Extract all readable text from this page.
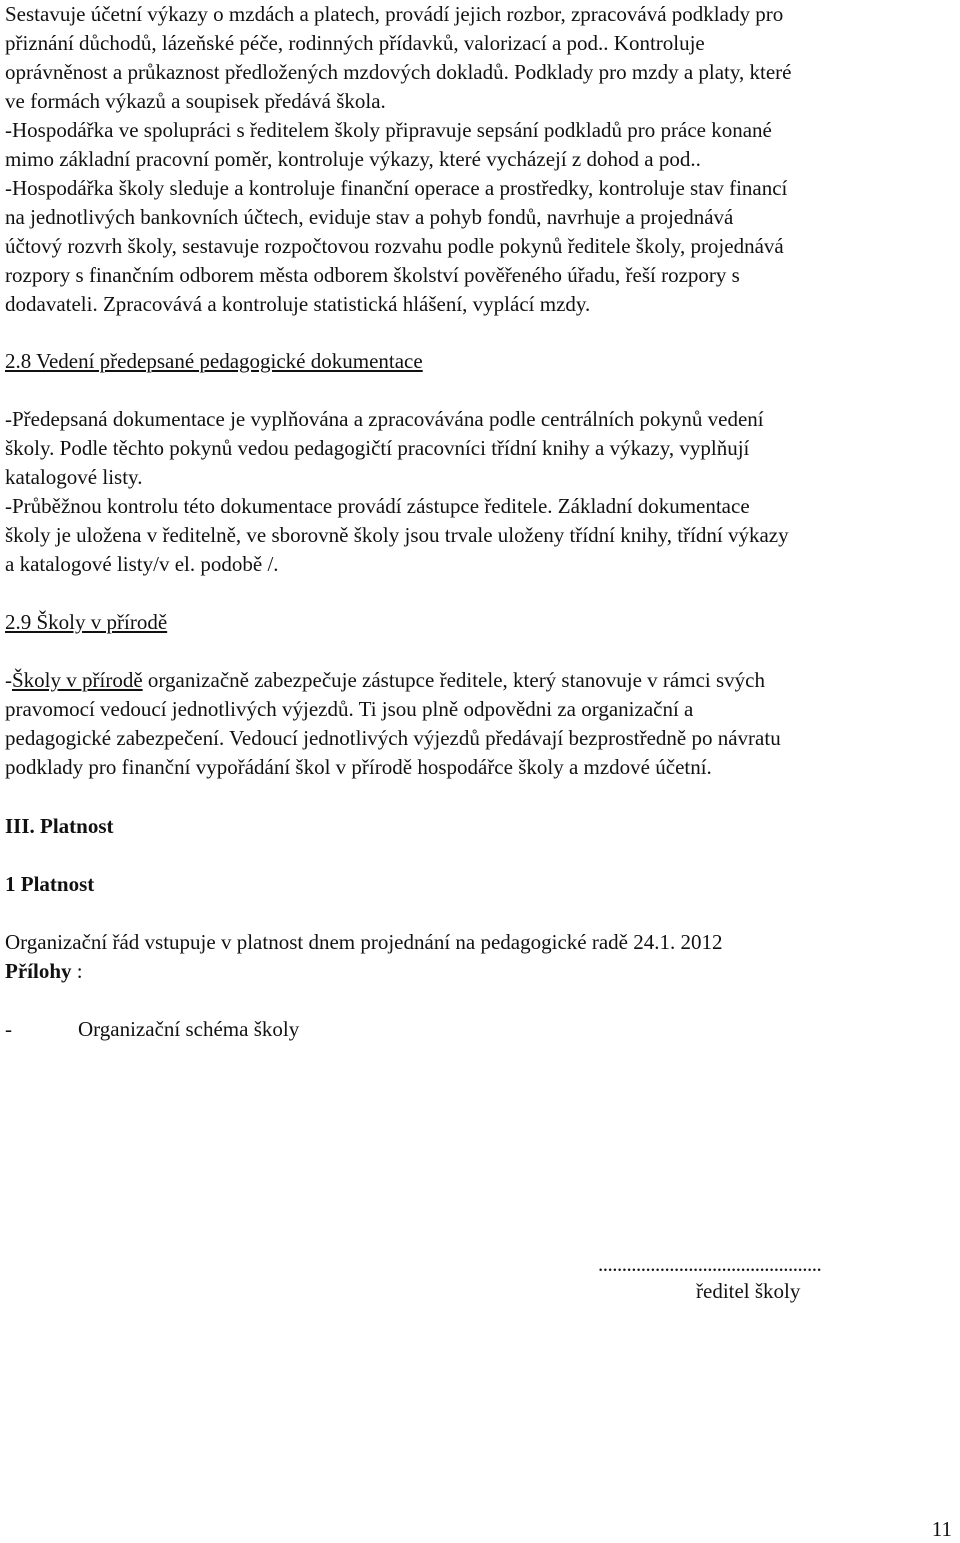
Sestavuje účetní výkazy o mzdách a platech, provádí jejich rozbor, zpracovává podklady pro
přiznání důchodů, lázeňské péče, rodinných přídavků, valorizací a pod.. Kontroluje
oprávněnost a průkaznost předložených mzdových dokladů. Podklady pro mzdy a platy, které
ve formách výkazů a soupisek předává škola.
-Hospodářka ve spolupráci s ředitelem školy připravuje sepsání podkladů pro práce konané
mimo základní pracovní poměr, kontroluje výkazy, které vycházejí z dohod a pod..
-Hospodářka školy sleduje a kontroluje finanční operace a prostředky, kontroluje stav financí
na jednotlivých bankovních účtech, eviduje stav a pohyb fondů, navrhuje a projednává
účtový rozvrh školy, sestavuje rozpočtovou rozvahu podle pokynů ředitele školy, projednává
rozpory s finančním odborem města odborem školství pověřeného úřadu, řeší rozpory s
dodavateli. Zpracovává a kontroluje statistická hlášení, vyplácí mzdy.
2.8 Vedení předepsané pedagogické dokumentace
-Předepsaná dokumentace je vyplňována a zpracovávána podle centrálních pokynů vedení
školy. Podle těchto pokynů vedou pedagogičtí pracovníci třídní knihy a výkazy, vyplňují
katalogové listy.
-Průběžnou kontrolu této dokumentace provádí zástupce ředitele. Základní dokumentace
školy je uložena v ředitelně, ve sborovně školy jsou trvale uloženy třídní knihy, třídní výkazy
a katalogové listy/v el. podobě /.
2.9 Školy v přírodě
-Školy v přírodě organizačně zabezpečuje zástupce ředitele, který stanovuje v rámci svých
pravomocí vedoucí jednotlivých výjezdů. Ti jsou plně odpovědni za organizační a
pedagogické zabezpečení. Vedoucí jednotlivých výjezdů předávají bezprostředně po návratu
podklady pro finanční vypořádání škol v přírodě hospodářce školy a mzdové účetní.
III. Platnost
1 Platnost
Organizační řád vstupuje v platnost dnem projednání na pedagogické radě 24.1. 2012
Přílohy :
-	Organizační schéma školy
...............................................
ředitel školy
11
